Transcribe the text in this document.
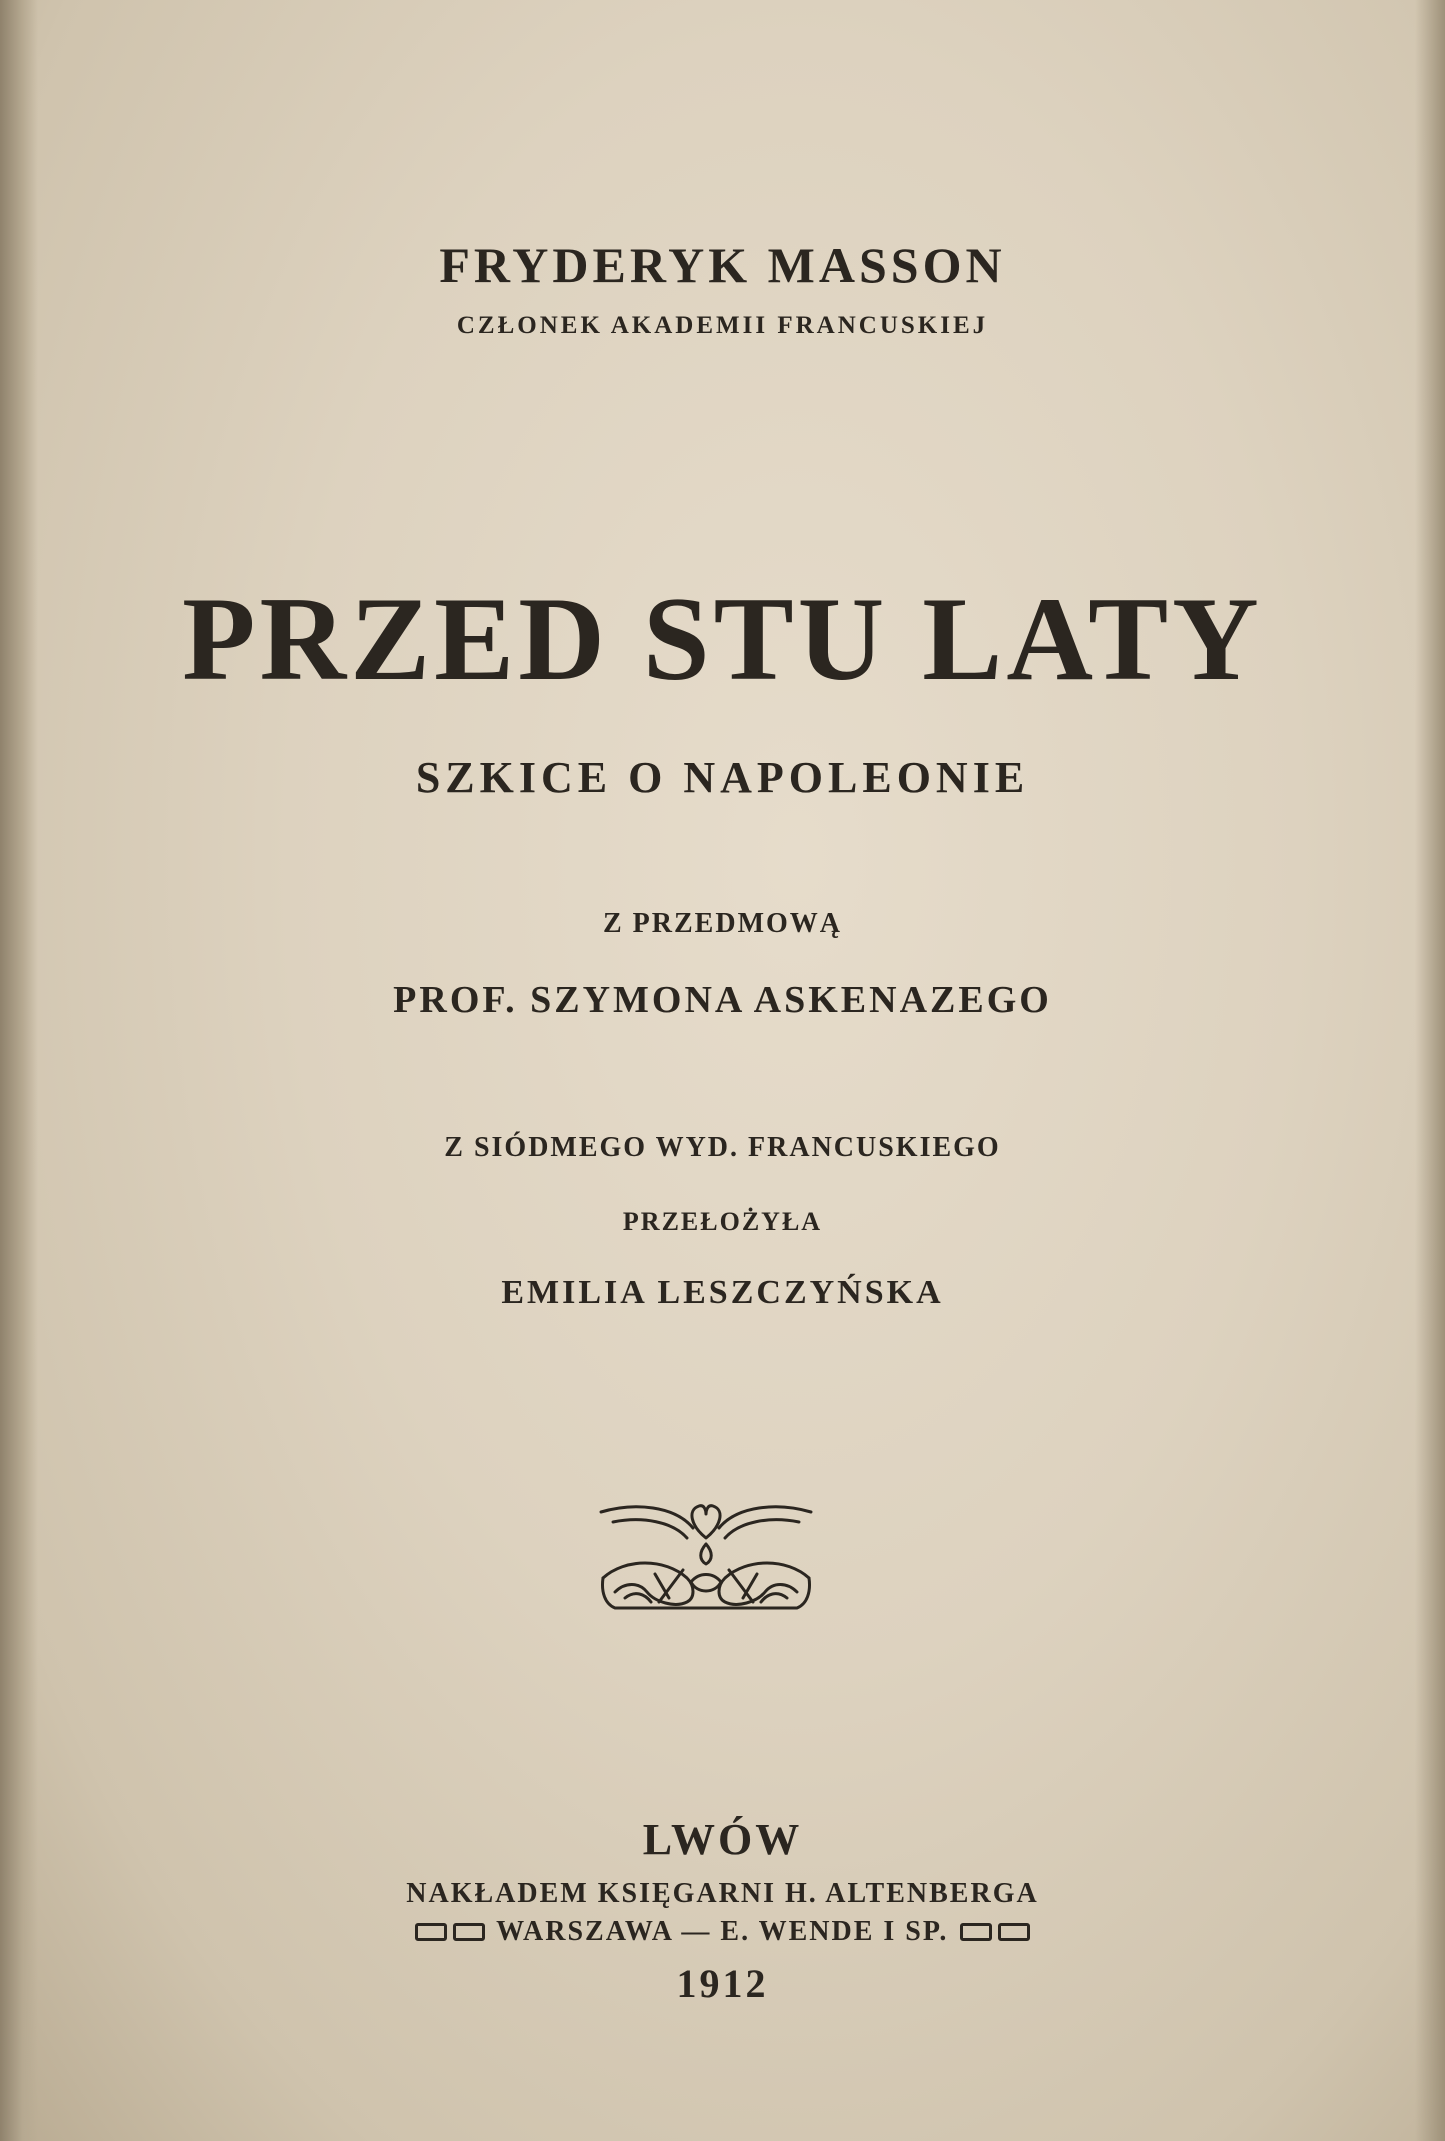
FRYDERYK MASSON
CZŁONEK AKADEMII FRANCUSKIEJ
PRZED STU LATY
SZKICE O NAPOLEONIE
Z PRZEDMOWĄ
PROF. SZYMONA ASKENAZEGO
Z SIÓDMEGO WYD. FRANCUSKIEGO
PRZEŁOŻYŁA
EMILIA LESZCZYŃSKA
LWÓW
NAKŁADEM KSIĘGARNI H. ALTENBERGA
WARSZAWA — E. WENDE I SP.
1912
